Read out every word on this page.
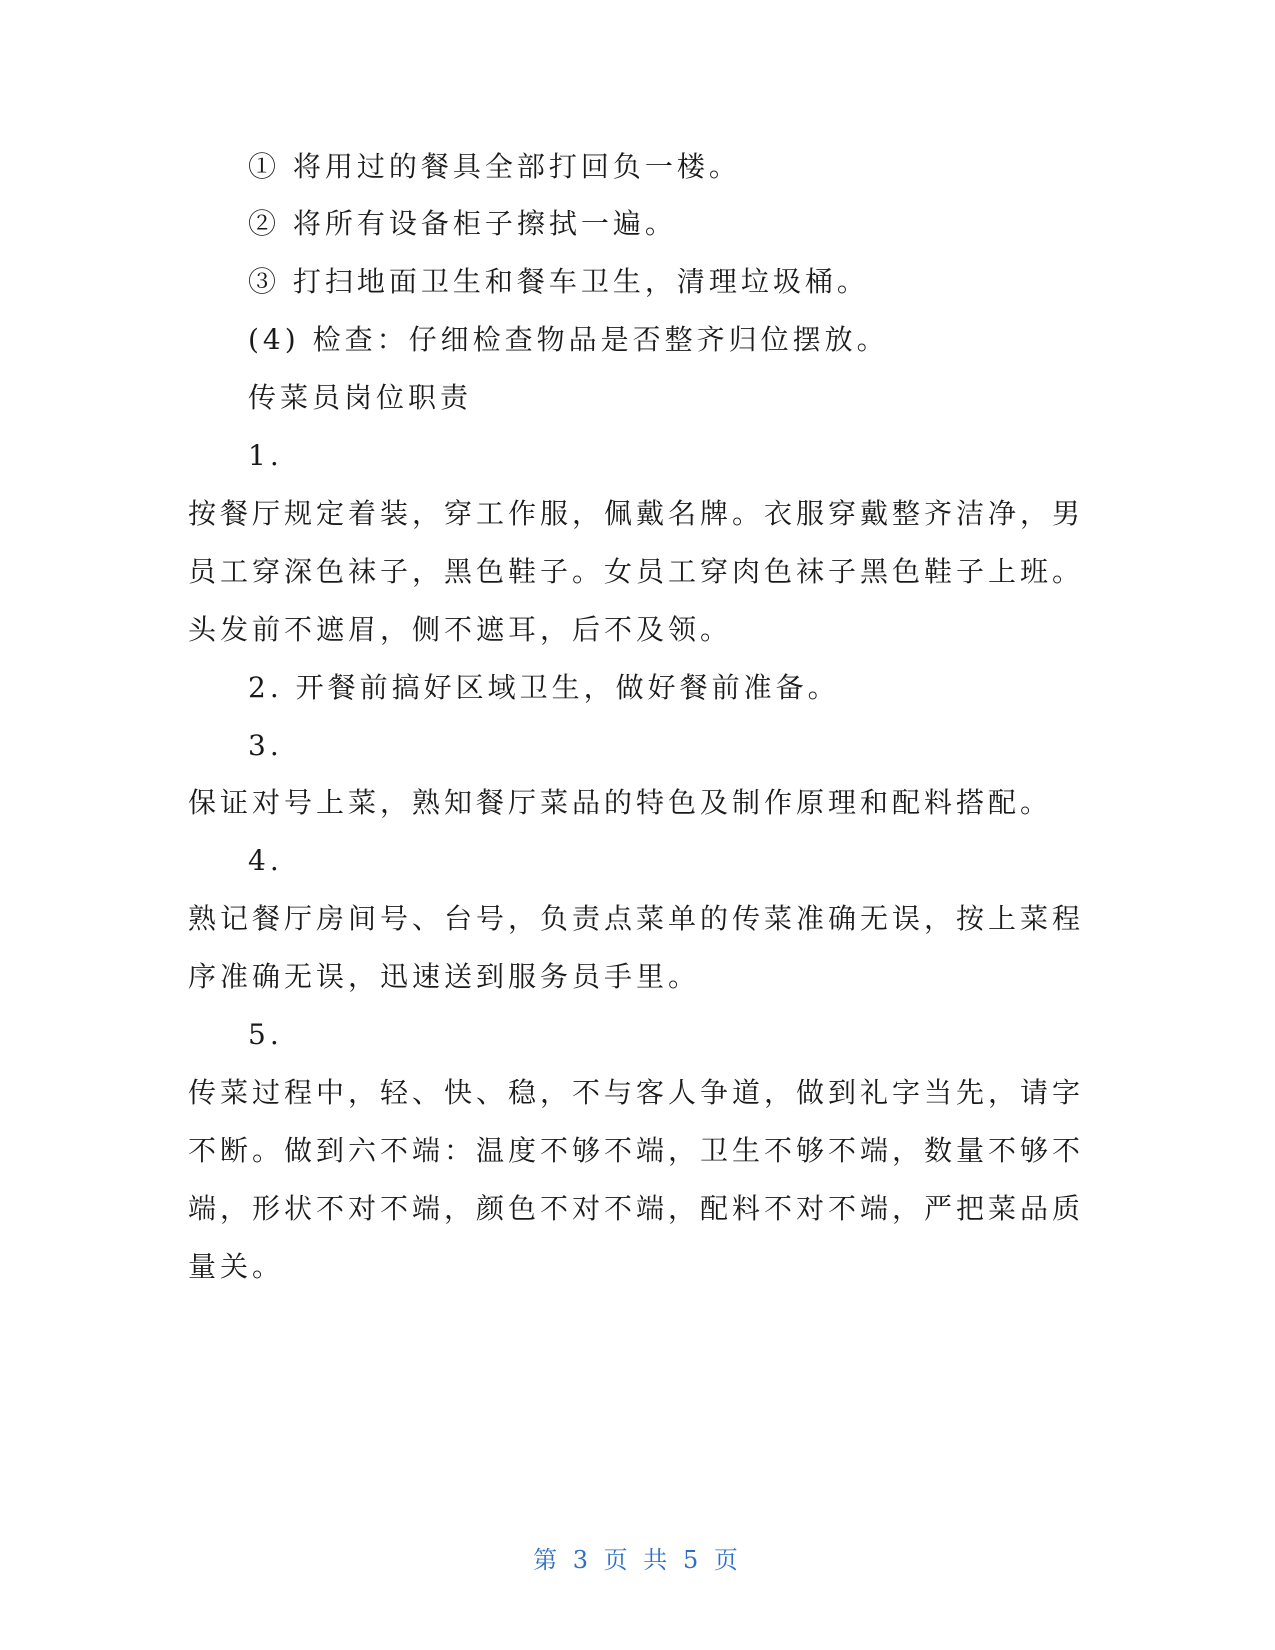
① 将用过的餐具全部打回负一楼。
② 将所有设备柜子擦拭一遍。
③ 打扫地面卫生和餐车卫生，清理垃圾桶。
(4) 检查：仔细检查物品是否整齐归位摆放。
传菜员岗位职责
1.
按餐厅规定着装，穿工作服，佩戴名牌。衣服穿戴整齐洁净，男
员工穿深色袜子，黑色鞋子。女员工穿肉色袜子黑色鞋子上班。
头发前不遮眉，侧不遮耳，后不及领。
2. 开餐前搞好区域卫生，做好餐前准备。
3.
保证对号上菜，熟知餐厅菜品的特色及制作原理和配料搭配。
4.
熟记餐厅房间号、台号，负责点菜单的传菜准确无误，按上菜程
序准确无误，迅速送到服务员手里。
5.
传菜过程中，轻、快、稳，不与客人争道，做到礼字当先，请字
不断。做到六不端：温度不够不端，卫生不够不端，数量不够不
端，形状不对不端，颜色不对不端，配料不对不端，严把菜品质
量关。
第 3 页 共 5 页
